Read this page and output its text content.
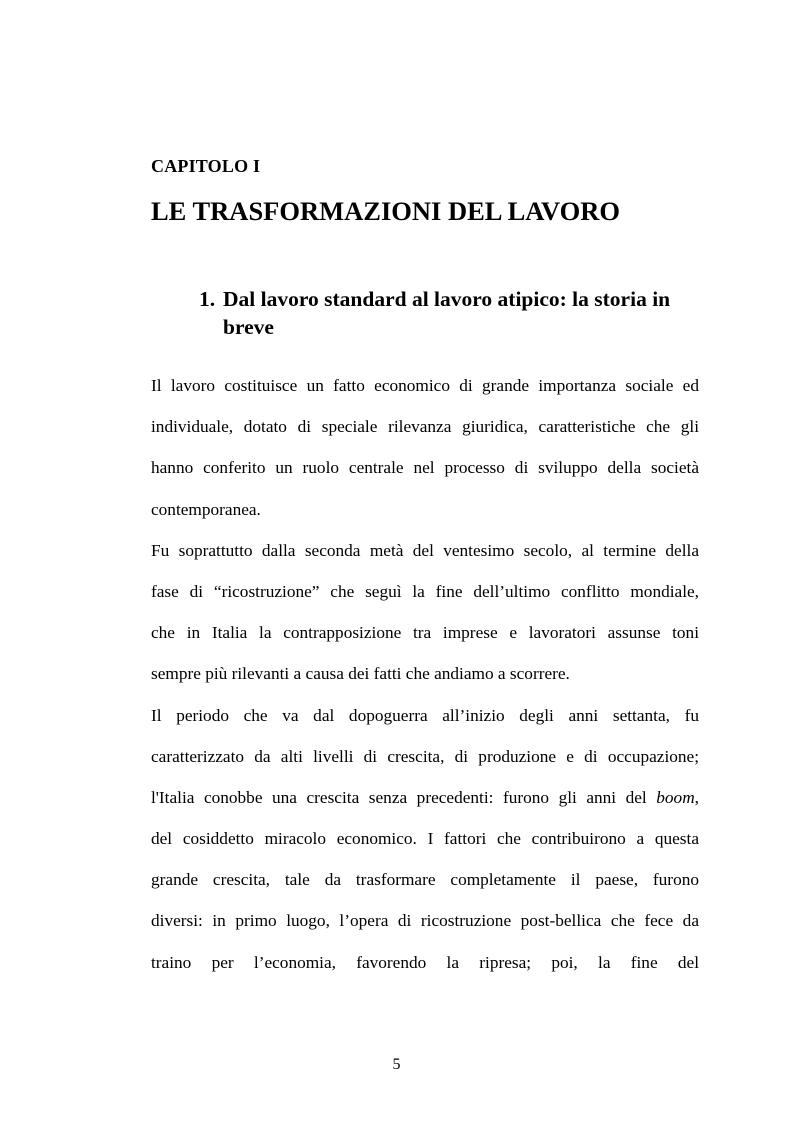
CAPITOLO I
LE TRASFORMAZIONI DEL LAVORO
1. Dal lavoro standard al lavoro atipico: la storia in breve
Il lavoro costituisce un fatto economico di grande importanza sociale ed
individuale, dotato di speciale rilevanza giuridica, caratteristiche che gli
hanno conferito un ruolo centrale nel processo di sviluppo della società
contemporanea.
Fu soprattutto dalla seconda metà del ventesimo secolo, al termine della
fase di “ricostruzione” che seguì la fine dell’ultimo conflitto mondiale,
che in Italia la contrapposizione tra imprese e lavoratori assunse toni
sempre più rilevanti a causa dei fatti che andiamo a scorrere.
Il periodo che va dal dopoguerra all’inizio degli anni settanta, fu
caratterizzato da alti livelli di crescita, di produzione e di occupazione;
l'Italia conobbe una crescita senza precedenti: furono gli anni del boom,
del cosiddetto miracolo economico. I fattori che contribuirono a questa
grande crescita, tale da trasformare completamente il paese, furono
diversi: in primo luogo, l’opera di ricostruzione post-bellica che fece da
traino per l’economia, favorendo la ripresa; poi, la fine del

5
